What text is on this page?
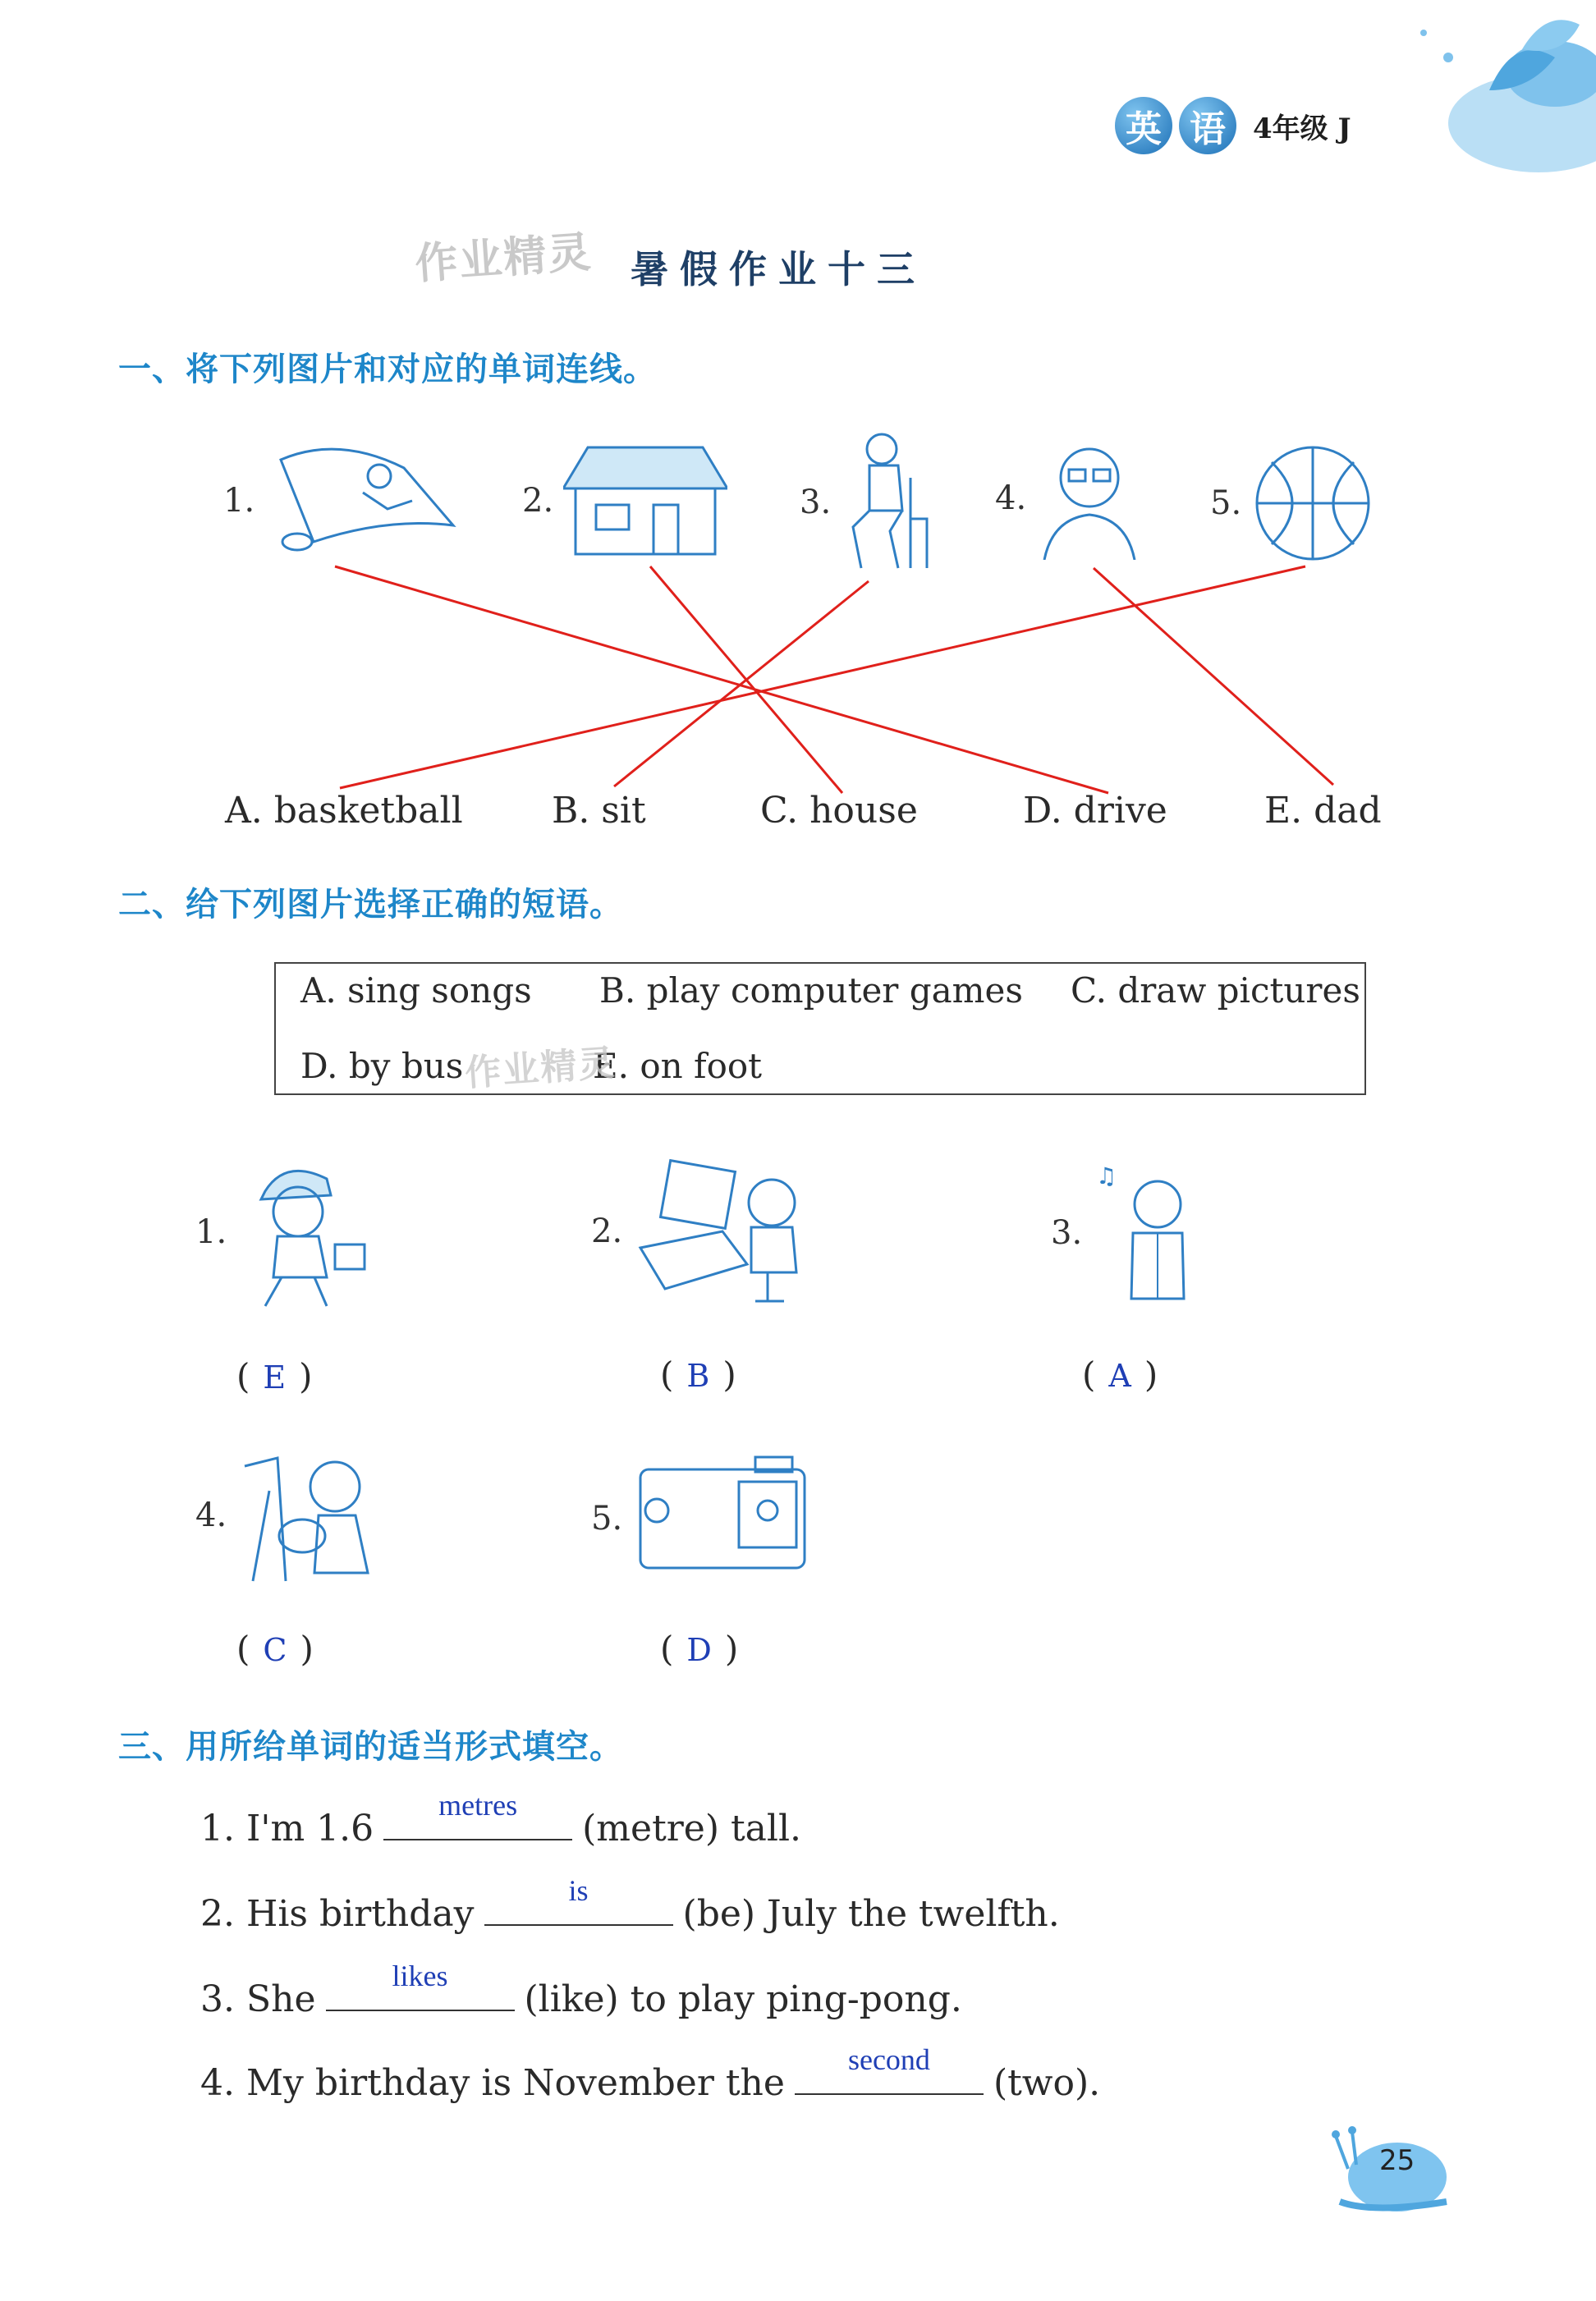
英 语 4年级 J
作业精灵 暑假作业十三
一、将下列图片和对应的单词连线。
1.	2.	3.	4.	5.
A. basketball B. sit	C. house	D. drive	E. dad
二、给下列图片选择正确的短语。
A. sing songs B. play computer games C. draw pictures
D. by bus	E. on foot
作业精灵
1.	2.	3.
♫
( E )	( B )	( A )
4.	5.
( C )	( D )
三、用所给单词的适当形式填空。
1. I'm 1.6
metres
(metre) tall.
2. His birthday
is
(be) July the twelfth.
3. She
likes
(like) to play ping-pong.
4. My birthday is November the
second
(two).
25
